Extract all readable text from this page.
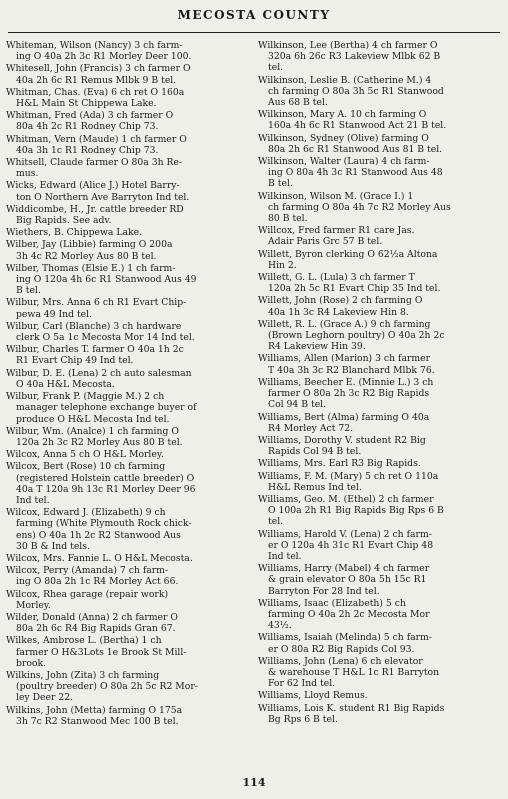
MECOSTA COUNTY
Whiteman, Wilson (Nancy) 3 ch farm-
ing O 40a 2h 3c R1 Morley Deer 100.
Whitesell, John (Francis) 3 ch farmer O
40a 2h 6c R1 Remus Mlbk 9 B tel.
Whitman, Chas. (Eva) 6 ch ret O 160a
H&L Main St Chippewa Lake.
Whitman, Fred (Ada) 3 ch farmer O
80a 4h 2c R1 Rodney Chip 73.
Whitman, Vern (Maude) 1 ch farmer O
40a 3h 1c R1 Rodney Chip 73.
Whitsell, Claude farmer O 80a 3h Re-
mus.
Wicks, Edward (Alice J.) Hotel Barry-
ton O Northern Ave Barryton Ind tel.
Widdicombe, H., Jr. cattle breeder RD
Big Rapids. See adv.
Wiethers, B. Chippewa Lake.
Wilber, Jay (Libbie) farming O 200a
3h 4c R2 Morley Aus 80 B tel.
Wilber, Thomas (Elsie E.) 1 ch farm-
ing O 120a 4h 6c R1 Stanwood Aus 49
B tel.
Wilbur, Mrs. Anna 6 ch R1 Evart Chip-
pewa 49 Ind tel.
Wilbur, Carl (Blanche) 3 ch hardware
clerk O 5a 1c Mecosta Mor 14 Ind tel.
Wilbur, Charles T. farmer O 40a 1h 2c
R1 Evart Chip 49 Ind tel.
Wilbur, D. E. (Lena) 2 ch auto salesman
O 40a H&L Mecosta.
Wilbur, Frank P. (Maggie M.) 2 ch
manager telephone exchange buyer of
produce O H&L Mecosta Ind tel.
Wilbur, Wm. (Analce) 1 ch farming O
120a 2h 3c R2 Morley Aus 80 B tel.
Wilcox, Anna 5 ch O H&L Morley.
Wilcox, Bert (Rose) 10 ch farming
(registered Holstein cattle breeder) O
40a T 120a 9h 13c R1 Morley Deer 96
Ind tel.
Wilcox, Edward J. (Elizabeth) 9 ch
farming (White Plymouth Rock chick-
ens) O 40a 1h 2c R2 Stanwood Aus
30 B & Ind tels.
Wilcox, Mrs. Fannie L. O H&L Mecosta.
Wilcox, Perry (Amanda) 7 ch farm-
ing O 80a 2h 1c R4 Morley Act 66.
Wilcox, Rhea garage (repair work)
Morley.
Wilder, Donald (Anna) 2 ch farmer O
80a 2h 6c R4 Big Rapids Gran 67.
Wilkes, Ambrose L. (Bertha) 1 ch
farmer O H&3Lots 1e Brook St Mill-
brook.
Wilkins, John (Zita) 3 ch farming
(poultry breeder) O 80a 2h 5c R2 Mor-
ley Deer 22.
Wilkins, John (Metta) farming O 175a
3h 7c R2 Stanwood Mec 100 B tel.
Wilkinson, Lee (Bertha) 4 ch farmer O
320a 6h 26c R3 Lakeview Mlbk 62 B
tel.
Wilkinson, Leslie B. (Catherine M.) 4
ch farming O 80a 3h 5c R1 Stanwood
Aus 68 B tel.
Wilkinson, Mary A. 10 ch farming O
160a 4h 6c R1 Stanwood Act 21 B tel.
Wilkinson, Sydney (Olive) farming O
80a 2h 6c R1 Stanwood Aus 81 B tel.
Wilkinson, Walter (Laura) 4 ch farm-
ing O 80a 4h 3c R1 Stanwood Aus 48
B tel.
Wilkinson, Wilson M. (Grace I.) 1
ch farming O 80a 4h 7c R2 Morley Aus
80 B tel.
Willcox, Fred farmer R1 care Jas.
Adair Paris Grc 57 B tel.
Willett, Byron clerking O 62½a Altona
Hin 2.
Willett, G. L. (Lula) 3 ch farmer T
120a 2h 5c R1 Evart Chip 35 Ind tel.
Willett, John (Rose) 2 ch farming O
40a 1h 3c R4 Lakeview Hin 8.
Willett, R. L. (Grace A.) 9 ch farming
(Brown Leghorn poultry) O 40a 2h 2c
R4 Lakeview Hin 39.
Williams, Allen (Marion) 3 ch farmer
T 40a 3h 3c R2 Blanchard Mlbk 76.
Williams, Beecher E. (Minnie L.) 3 ch
farmer O 80a 2h 3c R2 Big Rapids
Col 94 B tel.
Williams, Bert (Alma) farming O 40a
R4 Morley Act 72.
Williams, Dorothy V. student R2 Big
Rapids Col 94 B tel.
Williams, Mrs. Earl R3 Big Rapids.
Williams, F. M. (Mary) 5 ch ret O 110a
H&L Remus Ind tel.
Williams, Geo. M. (Ethel) 2 ch farmer
O 100a 2h R1 Big Rapids Big Rps 6 B
tel.
Williams, Harold V. (Lena) 2 ch farm-
er O 120a 4h 31c R1 Evart Chip 48
Ind tel.
Williams, Harry (Mabel) 4 ch farmer
& grain elevator O 80a 5h 15c R1
Barryton For 28 Ind tel.
Williams, Isaac (Elizabeth) 5 ch
farming O 40a 2h 2c Mecosta Mor
43½.
Williams, Isaiah (Melinda) 5 ch farm-
er O 80a R2 Big Rapids Col 93.
Williams, John (Lena) 6 ch elevator
& warehouse T H&L 1c R1 Barryton
For 62 Ind tel.
Williams, Lloyd Remus.
Williams, Lois K. student R1 Big Rapids
Bg Rps 6 B tel.
114
